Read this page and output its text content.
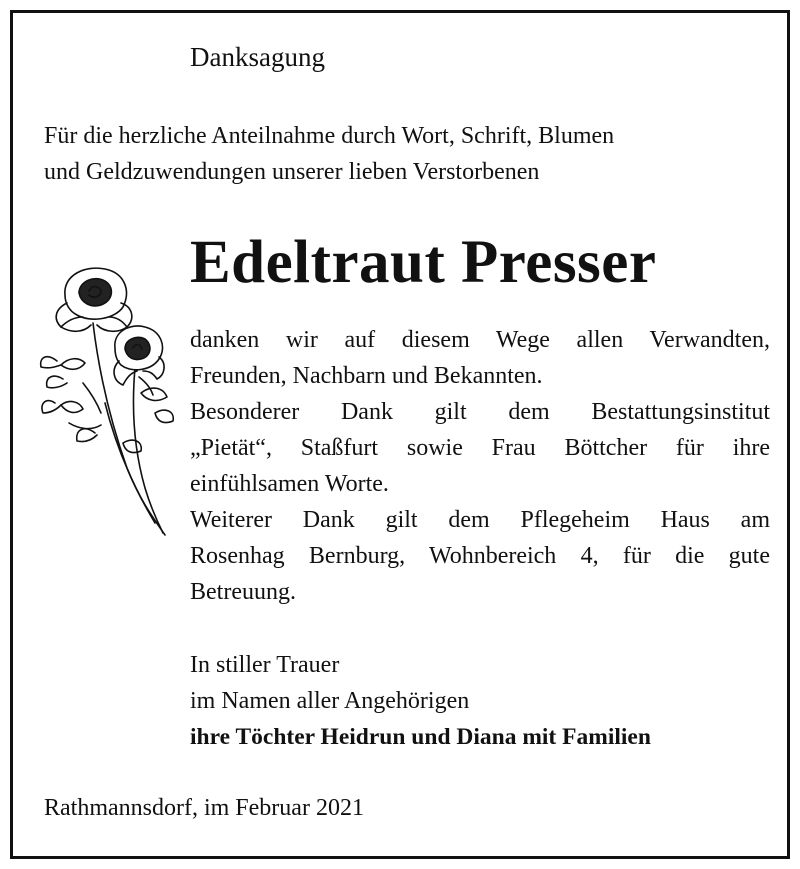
Danksagung

Für die herzliche Anteilnahme durch Wort, Schrift, Blumen
und Geldzuwendungen unserer lieben Verstorbenen

Edeltraut Presser

danken wir auf diesem Wege allen Verwandten,
Freunden, Nachbarn und Bekannten.
Besonderer Dank gilt dem Bestattungsinstitut
„Pietät“, Staßfurt sowie Frau Böttcher für ihre
einfühlsamen Worte.
Weiterer Dank gilt dem Pflegeheim Haus am
Rosenhag Bernburg, Wohnbereich 4, für die gute
Betreuung.

In stiller Trauer
im Namen aller Angehörigen
ihre Töchter Heidrun und Diana mit Familien

Rathmannsdorf, im Februar 2021
